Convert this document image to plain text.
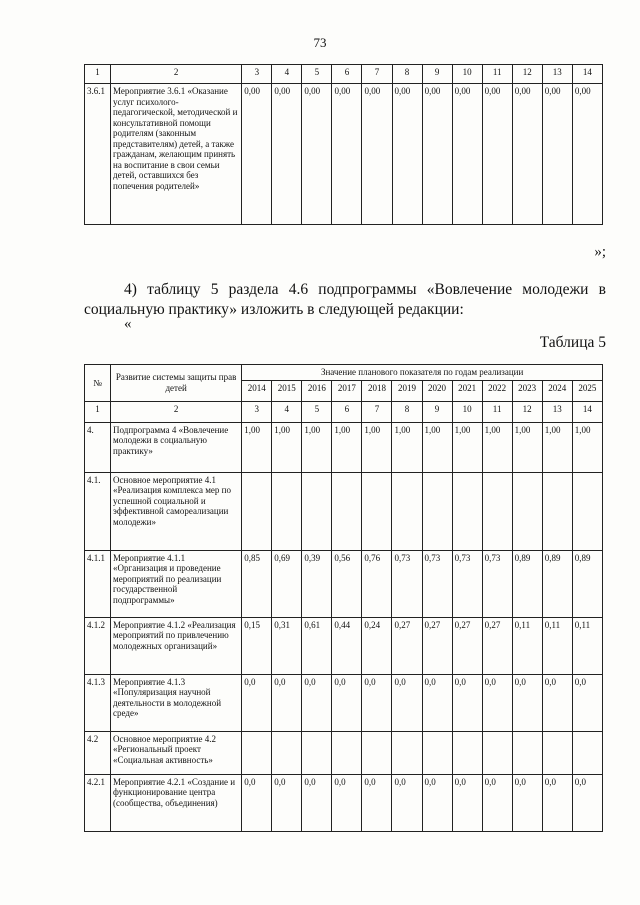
73
1	2	3	4	5	6	7	8	9	10	11	12	13	14
3.6.1	Мероприятие 3.6.1 «Оказание услуг психолого-педагогической, методической и консультативной помощи родителям (законным представителям) детей, а также гражданам, желающим принять на воспитание в свои семьи детей, оставшихся без попечения родителей»	0,00	0,00	0,00	0,00	0,00	0,00	0,00	0,00	0,00	0,00	0,00	0,00
»;
4) таблицу 5 раздела 4.6 подпрограммы «Вовлечение молодежи в социальную практику» изложить в следующей редакции:
«
Таблица 5
№	Развитие системы защиты прав детей	Значение планового показателя по годам реализации											
		2014	2015	2016	2017	2018	2019	2020	2021	2022	2023	2024	2025
1	2	3	4	5	6	7	8	9	10	11	12	13	14
4.	Подпрограмма 4 «Вовлечение молодежи в социальную практику»	1,00	1,00	1,00	1,00	1,00	1,00	1,00	1,00	1,00	1,00	1,00	1,00
4.1.	Основное мероприятие 4.1 «Реализация комплекса мер по успешной социальной и эффективной самореализации молодежи»												
4.1.1	Мероприятие 4.1.1 «Организация и проведение мероприятий по реализации государственной подпрограммы»	0,85	0,69	0,39	0,56	0,76	0,73	0,73	0,73	0,73	0,89	0,89	0,89
4.1.2	Мероприятие 4.1.2 «Реализация мероприятий по привлечению молодежных организаций»	0,15	0,31	0,61	0,44	0,24	0,27	0,27	0,27	0,27	0,11	0,11	0,11
4.1.3	Мероприятие 4.1.3 «Популяризация научной деятельности в молодежной среде»	0,0	0,0	0,0	0,0	0,0	0,0	0,0	0,0	0,0	0,0	0,0	0,0
4.2	Основное мероприятие 4.2 «Региональный проект «Социальная активность»												
4.2.1	Мероприятие 4.2.1 «Создание и функционирование центра (сообщества, объединения)	0,0	0,0	0,0	0,0	0,0	0,0	0,0	0,0	0,0	0,0	0,0	0,0
